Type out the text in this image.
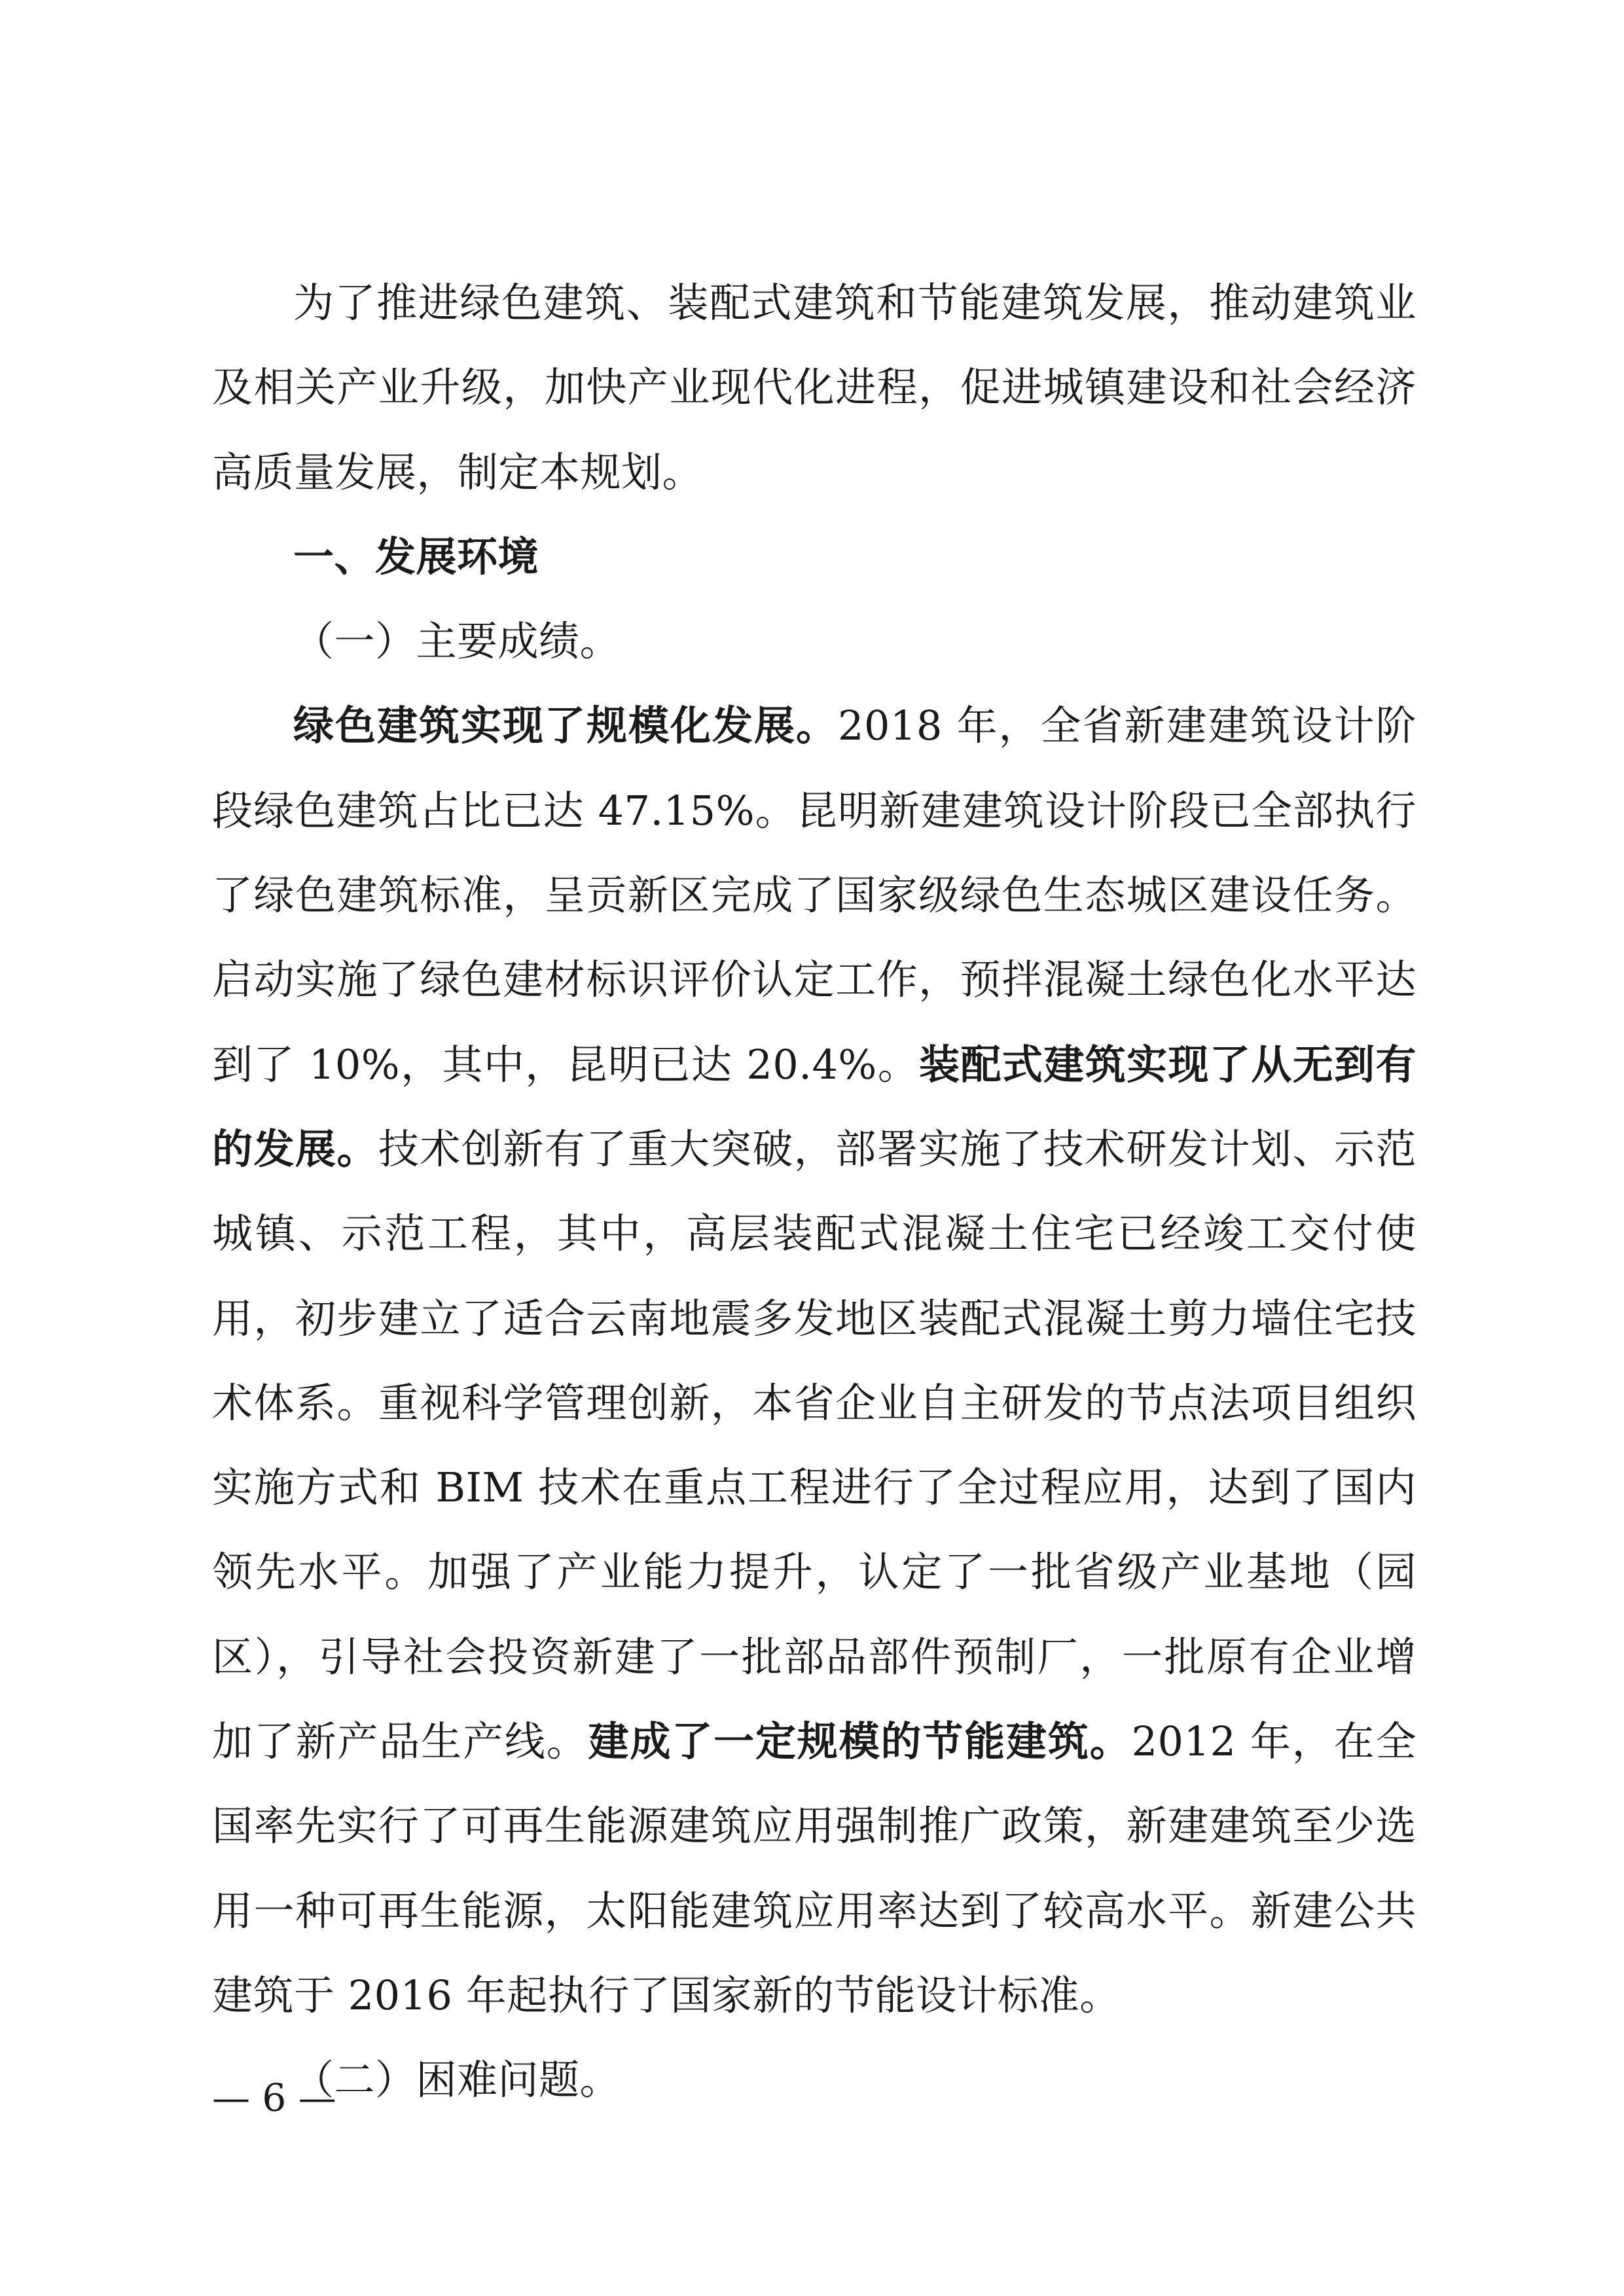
为了推进绿色建筑、装配式建筑和节能建筑发展，推动建筑业及相关产业升级，加快产业现代化进程，促进城镇建设和社会经济高质量发展，制定本规划。

一、发展环境

（一）主要成绩。

绿色建筑实现了规模化发展。2018 年，全省新建建筑设计阶段绿色建筑占比已达 47.15%。昆明新建建筑设计阶段已全部执行了绿色建筑标准，呈贡新区完成了国家级绿色生态城区建设任务。启动实施了绿色建材标识评价认定工作，预拌混凝土绿色化水平达到了 10%，其中，昆明已达 20.4%。装配式建筑实现了从无到有的发展。技术创新有了重大突破，部署实施了技术研发计划、示范城镇、示范工程，其中，高层装配式混凝土住宅已经竣工交付使用，初步建立了适合云南地震多发地区装配式混凝土剪力墙住宅技术体系。重视科学管理创新，本省企业自主研发的节点法项目组织实施方式和 BIM 技术在重点工程进行了全过程应用，达到了国内领先水平。加强了产业能力提升，认定了一批省级产业基地（园区），引导社会投资新建了一批部品部件预制厂，一批原有企业增加了新产品生产线。建成了一定规模的节能建筑。2012 年，在全国率先实行了可再生能源建筑应用强制推广政策，新建建筑至少选用一种可再生能源，太阳能建筑应用率达到了较高水平。新建公共建筑于 2016 年起执行了国家新的节能设计标准。

（二）困难问题。

— 6 —
